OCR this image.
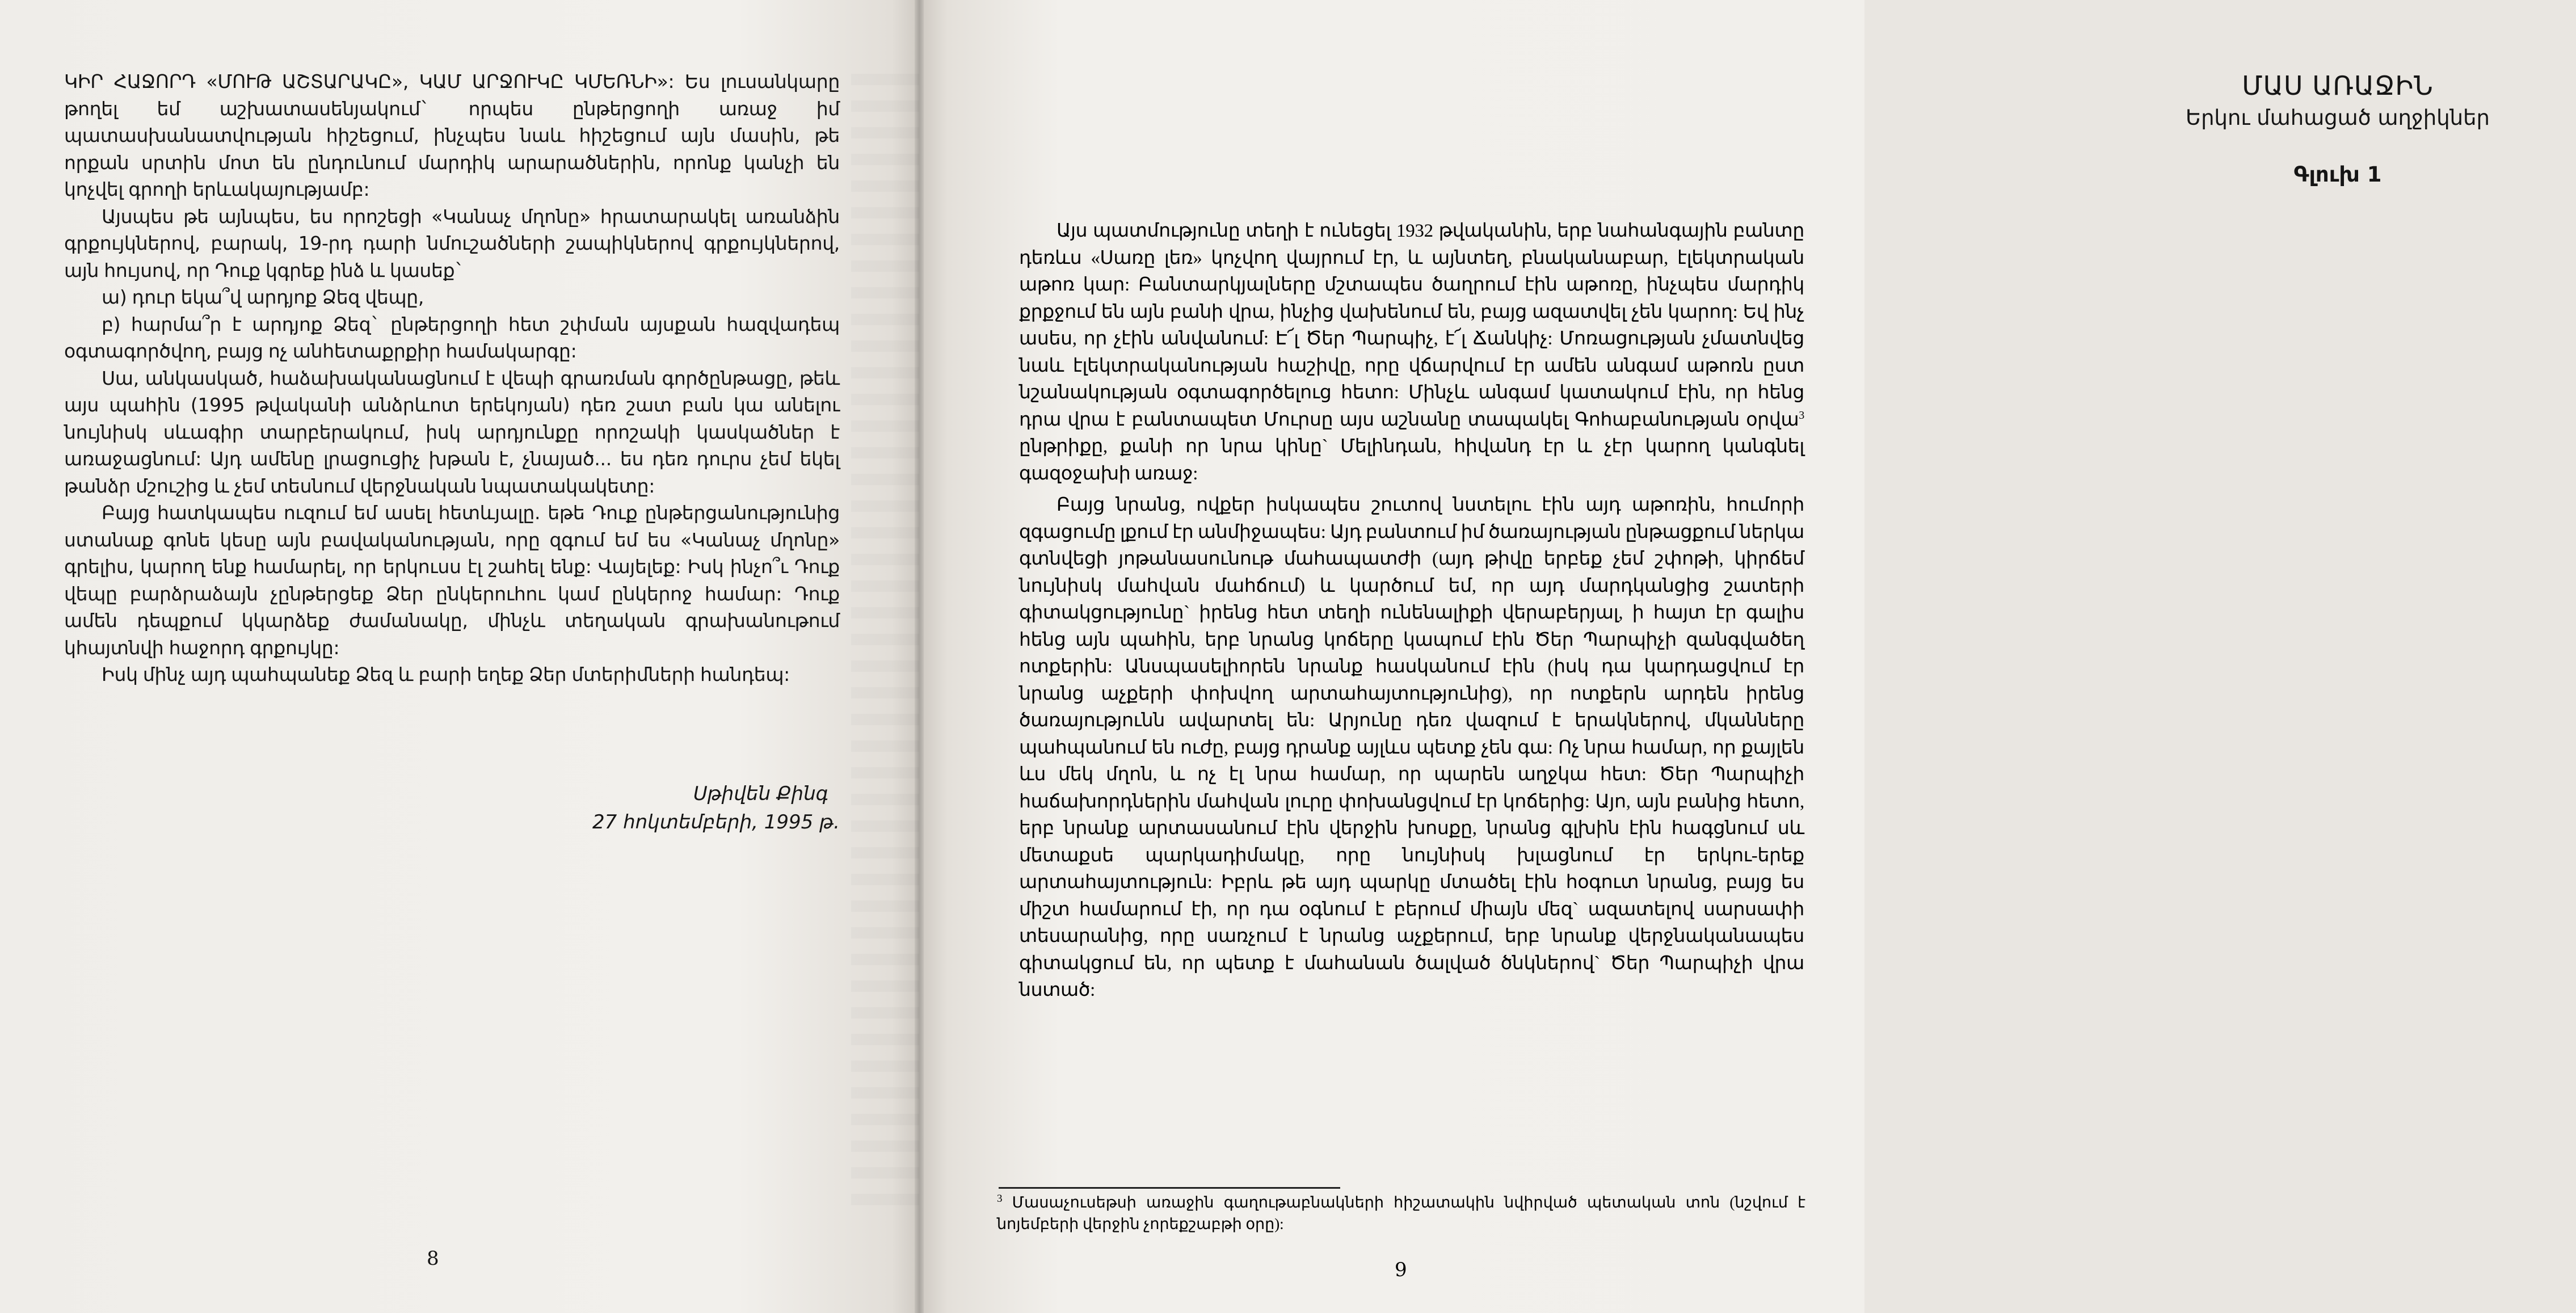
ԿԻՐ ՀԱՋՈՐԴ «ՄՈՒԹ ԱՇՏԱՐԱԿԸ», ԿԱՄ ԱՐՋՈՒԿԸ ԿՄԵՌՆԻ»: Ես լուսանկարը թողել եմ աշխատասենյակում` որպես ընթերցողի առաջ իմ պատասխանատվության հիշեցում, ինչպես նաև հիշեցում այն մասին, թե որքան սրտին մոտ են ընդունում մարդիկ արարածներին, որոնք կանչի են կոչվել գրողի երևակայությամբ:

Այսպես թե այնպես, ես որոշեցի «Կանաչ մղոնը» հրատարակել առանձին գրքույկներով, բարակ, 19-րդ դարի նմուշածների շապիկներով գրքույկներով, այն հույսով, որ Դուք կգրեք ինձ և կասեք`

ա) դուր եկա՞վ արդյոք Ձեզ վեպը,

բ) հարմա՞ր է արդյոք Ձեզ` ընթերցողի հետ շփման այսքան հազվադեպ օգտագործվող, բայց ոչ անհետաքրքիր համակարգը:

Սա, անկասկած, հաձախականացնում է վեպի գրառման գործընթացը, թեև այս պահին (1995 թվականի անձրևոտ երեկոյան) դեռ շատ բան կա անելու նույնիսկ սևագիր տարբերակում, իսկ արդյունքը որոշակի կասկածներ է առաջացնում: Այդ ամենը լրացուցիչ խթան է, չնայած... ես դեռ դուրս չեմ եկել թանձր մշուշից և չեմ տեսնում վերջնական նպատակակետը:

Բայց հատկապես ուզում եմ ասել հետևյալը. եթե Դուք ընթերցանությունից ստանաք գոնե կեսը այն բավականության, որը զգում եմ ես «Կանաչ մղոնը» գրելիս, կարող ենք համարել, որ երկուսս էլ շահել ենք: Վայելեք: Իսկ ինչո՞ւ Դուք վեպը բարձրաձայն չընթերցեք Ձեր ընկերուհու կամ ընկերոջ համար: Դուք ամեն դեպքում կկարձեք ժամանակը, մինչև տեղական գրախանութում կհայտնվի հաջորդ գրքույկը:

Իսկ մինչ այդ պահպանեք Ձեզ և բարի եղեք Ձեր մտերիմների հանդեպ:

Սթիվեն Քինգ
27 հոկտեմբերի, 1995 թ.
8
ՄԱՍ ԱՌԱՋԻՆ
Երկու մահացած աղջիկներ
Գլուխ 1

Այս պատմությունը տեղի է ունեցել 1932 թվականին, երբ նահանգային բանտը դեռևս «Սառը լեռ» կոչվող վայրում էր, և այնտեղ, բնականաբար, էլեկտրական աթոռ կար: Բանտարկյալները մշտապես ծաղրում էին աթոռը, ինչպես մարդիկ քրքջում են այն բանի վրա, ինչից վախենում են, բայց ազատվել չեն կարող: Եվ ինչ ասես, որ չէին անվանում: Է՜լ Ծեր Պարպիչ, է՜լ Ճանկիչ: Մոռացության չմատնվեց նաև էլեկտրականության հաշիվը, որը վճարվում էր ամեն անգամ աթոռն ըստ նշանակության օգտագործելուց հետո: Մինչև անգամ կատակում էին, որ հենց դրա վրա է բանտապետ Մուրսը այս աշնանը տապակել Գոհաբանության օրվա$^3$ ընթրիքը, քանի որ նրա կինը` Մելինդան, հիվանդ էր և չէր կարող կանգնել գազօջախի առաջ:

Բայց նրանց, ովքեր իսկապես շուտով նստելու էին այդ աթոռին, հումորի զգացումը լքում էր անմիջապես: Այդ բանտում իմ ծառայության ընթացքում ներկա գտնվեցի յոթանասունութ մահապատժի (այդ թիվը երբեք չեմ շփոթի, կիրճեմ նույնիսկ մահվան մահճում) և կարծում եմ, որ այդ մարդկանցից շատերի գիտակցությունը` իրենց հետ տեղի ունենալիքի վերաբերյալ, ի հայտ էր գալիս հենց այն պահին, երբ նրանց կոճերը կապում էին Ծեր Պարպիչի զանգվածեղ ոտքերին: Անսպասելիորեն նրանք հասկանում էին (իսկ դա կարդացվում էր նրանց աչքերի փոխվող արտահայտությունից), որ ոտքերն արդեն իրենց ծառայությունն ավարտել են: Արյունը դեռ վազում է երակներով, մկանները պահպանում են ուժը, բայց դրանք այլևս պետք չեն գա: Ոչ նրա համար, որ քայլեն ևս մեկ մղոն, և ոչ էլ նրա համար, որ պարեն աղջկա հետ: Ծեր Պարպիչի հաճախորդներին մահվան լուրը փոխանցվում էր կոճերից: Այո, այն բանից հետո, երբ նրանք արտասանում էին վերջին խոսքը, նրանց գլխին էին հագցնում սև մետաքսե պարկադիմակը, որը նույնիսկ խլացնում էր երկու-երեք արտահայտություն: Իբրև թե այդ պարկը մտածել էին հօգուտ նրանց, բայց ես միշտ համարում էի, որ դա օգնում է բերում միայն մեզ` ազատելով սարսափի տեսարանից, որը սառչում է նրանց աչքերում, երբ նրանք վերջնականապես գիտակցում են, որ պետք է մահանան ծալված ծնկներով` Ծեր Պարպիչի վրա նստած:

$^3$ Մասաչուսեթսի առաջին գաղութաբնակների հիշատակին նվիրված պետական տոն (նշվում է նոյեմբերի վերջին չորեքշաբթի օրը):
9
